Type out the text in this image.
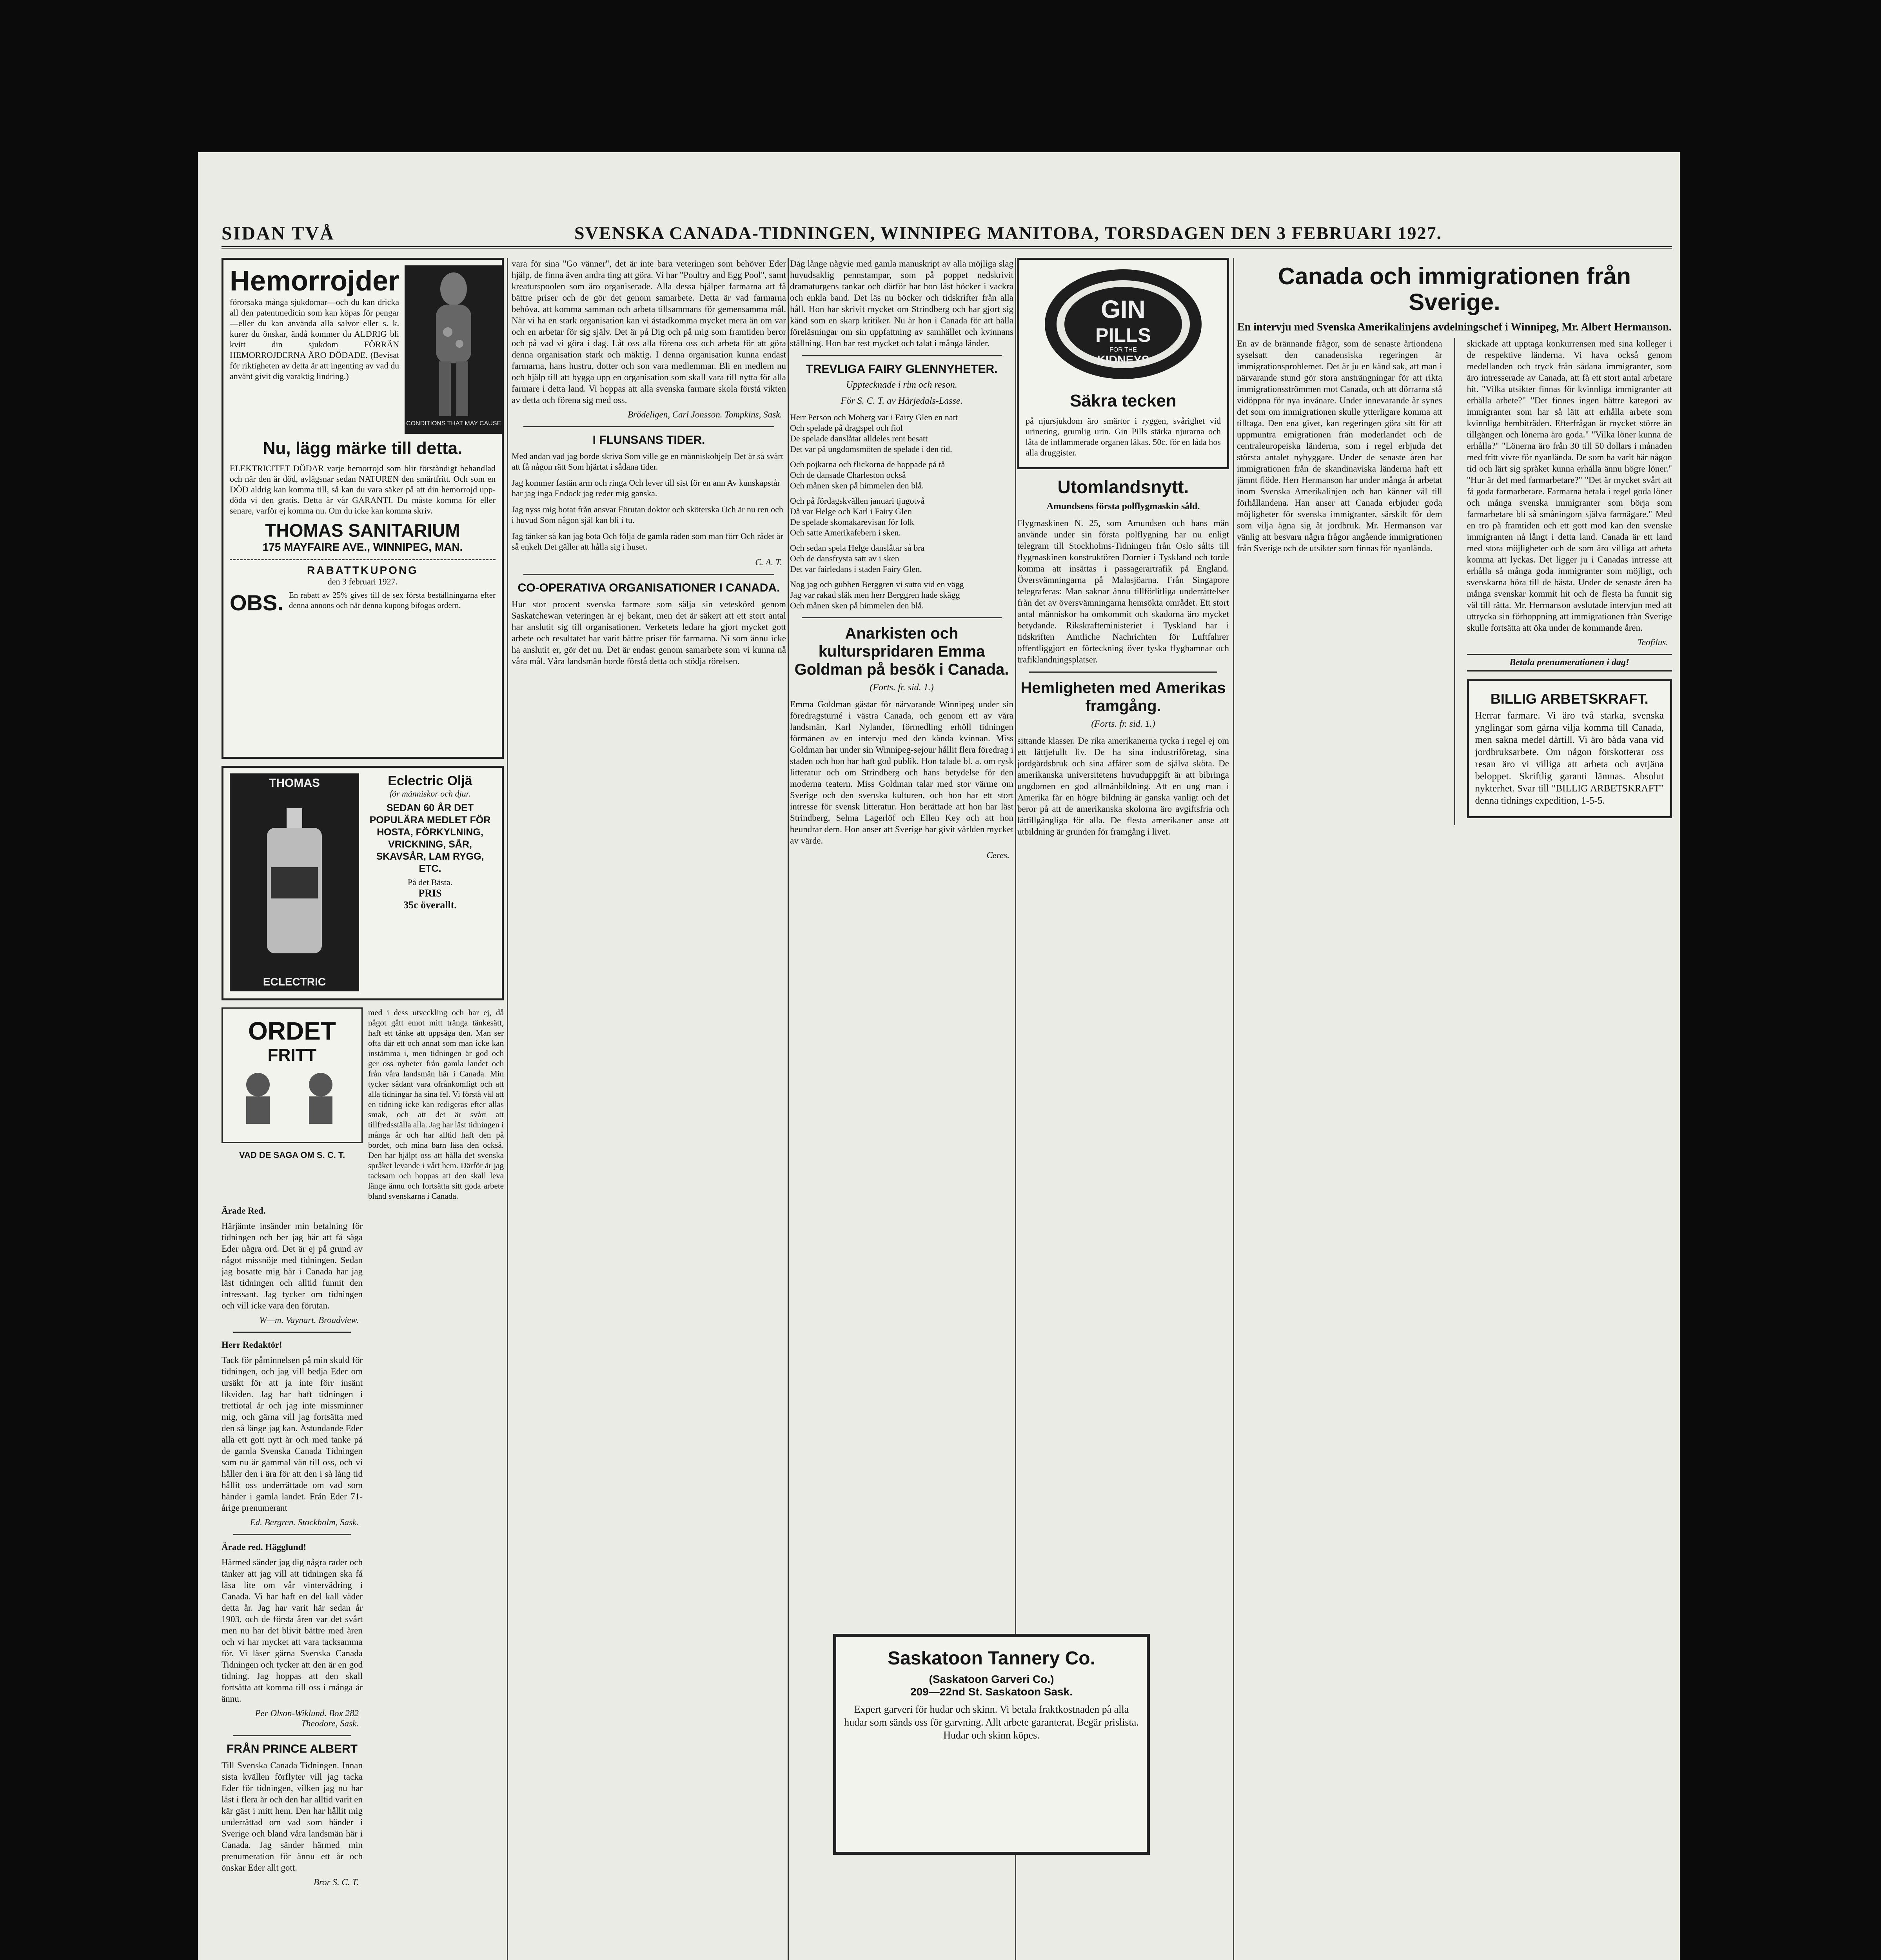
SIDAN TVÅ	SVENSKA CANADA-TIDNINGEN, WINNIPEG MANITOBA, TORSDAGEN DEN 3 FEBRUARI 1927.
Hemorrojder

förorsaka många sjukdomar—och du kan dricka all den patentmedicin som kan köpas för pengar—eller du kan använda alla salvor eller s. k. kurer du önskar, ändå kommer du ALDRIG bli kvitt din sjukdom FÖRRÄN HEMORROJDERNA ÄRO DÖDADE. (Bevisat för riktigheten av detta är att ingenting av vad du använt givit dig varaktig lindring.)

CONDITIONS THAT MAY CAUSE
Nu, lägg märke till detta.

ELEKTRICITET DÖDAR varje hemorrojd som blir förståndigt behandlad och när den är död, avlägsnar sedan NATUREN den smärtfritt. Och som en DÖD aldrig kan komma till, så kan du vara säker på att din hemorrojd upp-döda vi den gratis. Detta är vår GARANTI. Du måste komma för eller senare, varför ej komma nu. Om du icke kan komma skriv.

THOMAS SANITARIUM
175 MAYFAIRE AVE., WINNIPEG, MAN.
RABATTKUPONG
den 3 februari 1927.
OBS. En rabatt av 25% gives till de sex första beställningarna efter denna annons och när denna kupong bifogas ordern.

THOMAS
ECLECTRIC
Eclectric Oljä
för människor och djur.
SEDAN 60 ÅR DET POPULÄRA MEDLET FÖR HOSTA, FÖRKYLNING, VRICKNING, SÅR, SKAVSÅR, LAM RYGG, ETC.
På det Bästa.
PRIS
35c överallt.
ORDET
FRITT
VAD DE SAGA OM S. C. T.

med i dess utveckling och har ej, då något gått emot mitt tränga tänkesätt, haft ett tänke att uppsäga den. Man ser ofta där ett och annat som man icke kan instämma i, men tidningen är god och ger oss nyheter från gamla landet och från våra landsmän här i Canada. Min tycker sådant vara ofrånkomligt och att alla tidningar ha sina fel. Vi förstå väl att en tidning icke kan redigeras efter allas smak, och att det är svårt att tillfredsställa alla. Jag har läst tidningen i många år och har alltid haft den på bordet, och mina barn läsa den också. Den har hjälpt oss att hålla det svenska språket levande i vårt hem. Därför är jag tacksam och hoppas att den skall leva länge ännu och fortsätta sitt goda arbete bland svenskarna i Canada.

Ärade Red.

Härjämte insänder min betalning för tidningen och ber jag här att få säga Eder några ord. Det är ej på grund av något missnöje med tidningen. Sedan jag bosatte mig här i Canada har jag läst tidningen och alltid funnit den intressant. Jag tycker om tidningen och vill icke vara den förutan.

W—m. Vaynart. Broadview.

Herr Redaktör!

Tack för påminnelsen på min skuld för tidningen, och jag vill bedja Eder om ursäkt för att ja inte förr insänt likviden. Jag har haft tidningen i trettiotal år och jag inte missminner mig, och gärna vill jag fortsätta med den så länge jag kan. Åstundande Eder alla ett gott nytt år och med tanke på de gamla Svenska Canada Tidningen som nu är gammal vän till oss, och vi håller den i ära för att den i så lång tid hållit oss underrättade om vad som händer i gamla landet. Från Eder 71-årige prenumerant

Ed. Bergren. Stockholm, Sask.

Ärade red. Hägglund!

Härmed sänder jag dig några rader och tänker att jag vill att tidningen ska få läsa lite om vår vintervädring i Canada. Vi har haft en del kall väder detta år. Jag har varit här sedan år 1903, och de första åren var det svårt men nu har det blivit bättre med åren och vi har mycket att vara tacksamma för. Vi läser gärna Svenska Canada Tidningen och tycker att den är en god tidning. Jag hoppas att den skall fortsätta att komma till oss i många år ännu.

Per Olson-Wiklund. Box 282 Theodore, Sask.
FRÅN PRINCE ALBERT

Till Svenska Canada Tidningen. Innan sista kvällen förflyter vill jag tacka Eder för tidningen, vilken jag nu har läst i flera år och den har alltid varit en kär gäst i mitt hem. Den har hållit mig underrättad om vad som händer i Sverige och bland våra landsmän här i Canada. Jag sänder härmed min prenumeration för ännu ett år och önskar Eder allt gott.

Bror S. C. T.

vara för sina "Go vänner", det är inte bara veteringen som behöver Eder hjälp, de finna även andra ting att göra. Vi har "Poultry and Egg Pool", samt kreaturspoolen som äro organiserade. Alla dessa hjälper farmarna att få bättre priser och de gör det genom samarbete. Detta är vad farmarna behöva, att komma samman och arbeta tillsammans för gemensamma mål. När vi ha en stark organisation kan vi åstadkomma mycket mera än om var och en arbetar för sig själv. Det är på Dig och på mig som framtiden beror och på vad vi göra i dag. Låt oss alla förena oss och arbeta för att göra denna organisation stark och mäktig. I denna organisation kunna endast farmarna, hans hustru, dotter och son vara medlemmar. Bli en medlem nu och hjälp till att bygga upp en organisation som skall vara till nytta för alla farmare i detta land. Vi hoppas att alla svenska farmare skola förstå vikten av detta och förena sig med oss.

Brödeligen, Carl Jonsson. Tompkins, Sask.
I FLUNSANS TIDER.

Med andan vad jag borde skriva Som ville ge en människohjelp Det är så svårt att få någon rätt Som hjärtat i sådana tider.

Jag kommer fastän arm och ringa Och lever till sist för en ann Av kunskapstår har jag inga Endock jag reder mig ganska.

Jag nyss mig botat från ansvar Förutan doktor och sköterska Och är nu ren och i huvud Som någon själ kan bli i tu.

Jag tänker så kan jag bota Och följa de gamla råden som man förr Och rådet är så enkelt Det gäller att hålla sig i huset.

C. A. T.
CO-OPERATIVA ORGANISATIONER I CANADA.

Hur stor procent svenska farmare som sälja sin veteskörd genom Saskatchewan veteringen är ej bekant, men det är säkert att ett stort antal har anslutit sig till organisationen. Verketets ledare ha gjort mycket gott arbete och resultatet har varit bättre priser för farmarna. Ni som ännu icke ha anslutit er, gör det nu. Det är endast genom samarbete som vi kunna nå våra mål. Våra landsmän borde förstå detta och stödja rörelsen.

Dåg långe någvie med gamla manuskript av alla möjliga slag huvudsaklig pennstampar, som på poppet nedskrivit dramaturgens tankar och därför har hon läst böcker i vackra och enkla band. Det läs nu böcker och tidskrifter från alla håll. Hon har skrivit mycket om Strindberg och har gjort sig känd som en skarp kritiker. Nu är hon i Canada för att hålla föreläsningar om sin uppfattning av samhället och kvinnans ställning. Hon har rest mycket och talat i många länder.

TREVLIGA FAIRY GLENNYHETER.
Upptecknade i rim och reson.
För S. C. T. av Härjedals-Lasse.

Herr Person och Moberg var i Fairy Glen en natt

Och spelade på dragspel och fiol

De spelade danslåtar alldeles rent besatt

Det var på ungdomsmöten de spelade i den tid.

Och pojkarna och flickorna de hoppade på tå

Och de dansade Charleston också

Och månen sken på himmelen den blå.

Och på fördagskvällen januari tjugotvå

Då var Helge och Karl i Fairy Glen

De spelade skomakarevisan för folk

Och satte Amerikafebern i sken.

Och sedan spela Helge danslåtar så bra

Och de dansfrysta satt av i sken

Det var fairledans i staden Fairy Glen.

Nog jag och gubben Berggren vi sutto vid en vägg

Jag var rakad släk men herr Berggren hade skägg

Och månen sken på himmelen den blå.

Anarkisten och kulturspridaren Emma Goldman på besök i Canada.
(Forts. fr. sid. 1.)

Emma Goldman gästar för närvarande Winnipeg under sin föredragsturné i västra Canada, och genom ett av våra landsmän, Karl Nylander, förmedling erhöll tidningen förmånen av en intervju med den kända kvinnan. Miss Goldman har under sin Winnipeg-sejour hållit flera föredrag i staden och hon har haft god publik. Hon talade bl. a. om rysk litteratur och om Strindberg och hans betydelse för den moderna teatern. Miss Goldman talar med stor värme om Sverige och den svenska kulturen, och hon har ett stort intresse för svensk litteratur. Hon berättade att hon har läst Strindberg, Selma Lagerlöf och Ellen Key och att hon beundrar dem. Hon anser att Sverige har givit världen mycket av värde.

Ceres.
GIN
PILLS
FOR THE
KIDNEYS
Säkra tecken

på njursjukdom äro smärtor i ryggen, svårighet vid urinering, grumlig urin. Gin Pills stärka njurarna och låta de inflammerade organen läkas. 50c. för en låda hos alla druggister.

Utomlandsnytt.
Amundsens första polflygmaskin såld.

Flygmaskinen N. 25, som Amundsen och hans män använde under sin första polflygning har nu enligt telegram till Stockholms-Tidningen från Oslo sålts till flygmaskinen konstruktören Dornier i Tyskland och torde komma att insättas i passagerartrafik på England. Översvämningarna på Malasjöarna. Från Singapore telegraferas: Man saknar ännu tillförlitliga underrättelser från det av översvämningarna hemsökta området. Ett stort antal människor ha omkommit och skadorna äro mycket betydande. Rikskrafteministeriet i Tyskland har i tidskriften Amtliche Nachrichten för Luftfahrer offentliggjort en förteckning över tyska flyghamnar och trafiklandningsplatser.

Hemligheten med Amerikas framgång.
(Forts. fr. sid. 1.)

sittande klasser. De rika amerikanerna tycka i regel ej om ett lättjefullt liv. De ha sina industriföretag, sina jordgårdsbruk och sina affärer som de själva sköta. De amerikanska universitetens huvuduppgift är att bibringa ungdomen en god allmänbildning. Att en ung man i Amerika får en högre bildning är ganska vanligt och det beror på att de amerikanska skolorna äro avgiftsfria och lättillgängliga för alla. De flesta amerikaner anse att utbildning är grunden för framgång i livet.

Saskatoon Tannery Co.
(Saskatoon Garveri Co.)
209—22nd St. Saskatoon Sask.

Expert garveri för hudar och skinn. Vi betala fraktkostnaden på alla hudar som sänds oss för garvning. Allt arbete garanterat. Begär prislista. Hudar och skinn köpes.

Canada och immigrationen från Sverige.
En intervju med Svenska Amerikalinjens avdelningschef i Winnipeg, Mr. Albert Hermanson.

En av de brännande frågor, som de senaste årtiondena syselsatt den canadensiska regeringen är immigrationsproblemet. Det är ju en känd sak, att man i närvarande stund gör stora ansträngningar för att rikta immigrationsströmmen mot Canada, och att dörrarna stå vidöppna för nya invånare. Under innevarande år synes det som om immigrationen skulle ytterligare komma att tilltaga. Den ena givet, kan regeringen göra sitt för att uppmuntra emigrationen från moderlandet och de centraleuropeiska länderna, som i regel erbjuda det största antalet nybyggare. Under de senaste åren har immigrationen från de skandinaviska länderna haft ett jämnt flöde. Herr Hermanson har under många år arbetat inom Svenska Amerikalinjen och han känner väl till förhållandena. Han anser att Canada erbjuder goda möjligheter för svenska immigranter, särskilt för dem som vilja ägna sig åt jordbruk. Mr. Hermanson var vänlig att besvara några frågor angående immigrationen från Sverige och de utsikter som finnas för nyanlända.

skickade att upptaga konkurrensen med sina kolleger i de respektive länderna. Vi hava också genom medellanden och tryck från sådana immigranter, som äro intresserade av Canada, att få ett stort antal arbetare hit. "Vilka utsikter finnas för kvinnliga immigranter att erhålla arbete?" "Det finnes ingen bättre kategori av immigranter som har så lätt att erhålla arbete som kvinnliga hembiträden. Efterfrågan är mycket större än tillgången och lönerna äro goda." "Vilka löner kunna de erhålla?" "Lönerna äro från 30 till 50 dollars i månaden med fritt vivre för nyanlända. De som ha varit här någon tid och lärt sig språket kunna erhålla ännu högre löner." "Hur är det med farmarbetare?" "Det är mycket svårt att få goda farmarbetare. Farmarna betala i regel goda löner och många svenska immigranter som börja som farmarbetare bli så småningom själva farmägare." Med en tro på framtiden och ett gott mod kan den svenske immigranten nå långt i detta land. Canada är ett land med stora möjligheter och de som äro villiga att arbeta komma att lyckas. Det ligger ju i Canadas intresse att erhålla så många goda immigranter som möjligt, och svenskarna höra till de bästa. Under de senaste åren ha många svenskar kommit hit och de flesta ha funnit sig väl till rätta. Mr. Hermanson avslutade intervjun med att uttrycka sin förhoppning att immigrationen från Sverige skulle fortsätta att öka under de kommande åren.

Teofilus.
Betala prenumerationen i dag!
BILLIG ARBETSKRAFT.

Herrar farmare. Vi äro två starka, svenska ynglingar som gärna vilja komma till Canada, men sakna medel därtill. Vi äro båda vana vid jordbruksarbete. Om någon förskotterar oss resan äro vi villiga att arbeta och avtjäna beloppet. Skriftlig garanti lämnas. Absolut nykterhet. Svar till "BILLIG ARBETSKRAFT" denna tidnings expedition, 1-5-5.
